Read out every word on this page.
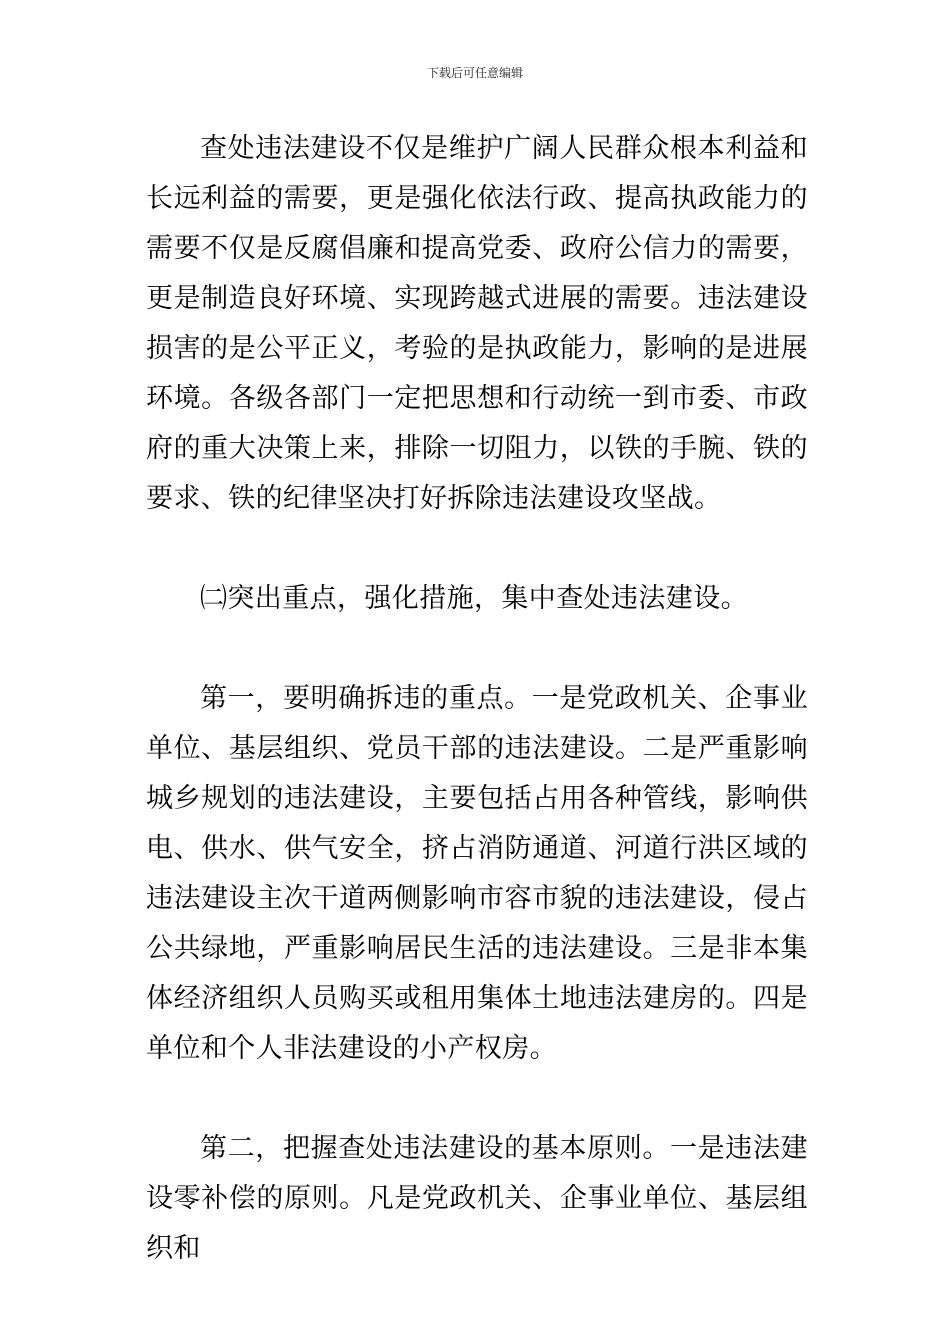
下载后可任意编辑

查处违法建设不仅是维护广阔人民群众根本利益和长远利益的需要，更是强化依法行政、提高执政能力的需要不仅是反腐倡廉和提高党委、政府公信力的需要，更是制造良好环境、实现跨越式进展的需要。违法建设损害的是公平正义，考验的是执政能力，影响的是进展环境。各级各部门一定把思想和行动统一到市委、市政府的重大决策上来，排除一切阻力，以铁的手腕、铁的要求、铁的纪律坚决打好拆除违法建设攻坚战。

㈡突出重点，强化措施，集中查处违法建设。

第一，要明确拆违的重点。一是党政机关、企事业单位、基层组织、党员干部的违法建设。二是严重影响城乡规划的违法建设，主要包括占用各种管线，影响供电、供水、供气安全，挤占消防通道、河道行洪区域的违法建设主次干道两侧影响市容市貌的违法建设，侵占公共绿地，严重影响居民生活的违法建设。三是非本集体经济组织人员购买或租用集体土地违法建房的。四是单位和个人非法建设的小产权房。

第二，把握查处违法建设的基本原则。一是违法建设零补偿的原则。凡是党政机关、企事业单位、基层组织和
